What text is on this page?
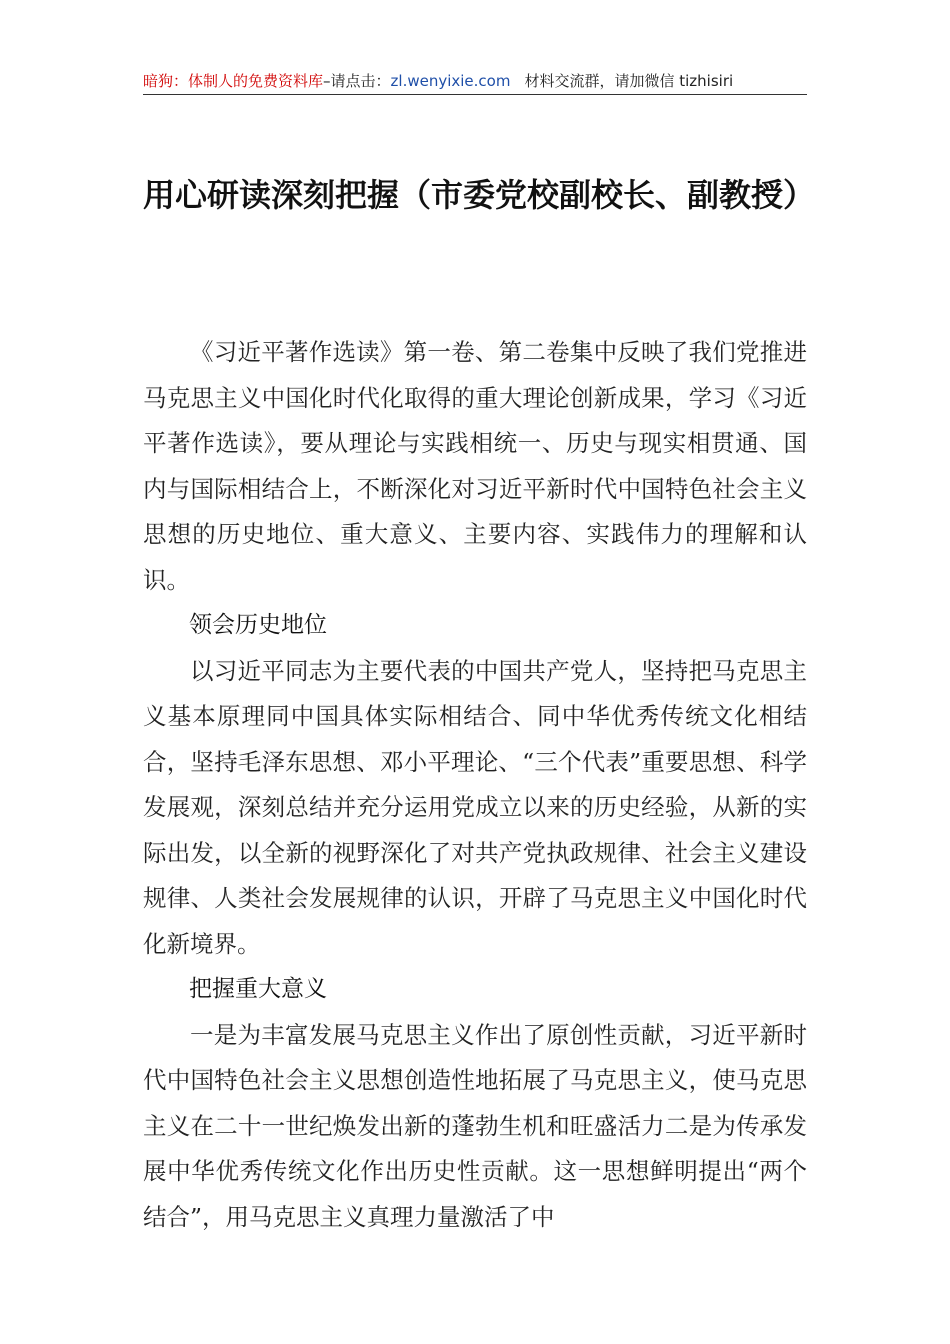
暗狗：体制人的免费资料库–请点击：zl.wenyixie.com 材料交流群，请加微信 tizhisiri
用心研读深刻把握（市委党校副校长、副教授）

《习近平著作选读》第一卷、第二卷集中反映了我们党推进马克思主义中国化时代化取得的重大理论创新成果，学习《习近平著作选读》，要从理论与实践相统一、历史与现实相贯通、国内与国际相结合上，不断深化对习近平新时代中国特色社会主义思想的历史地位、重大意义、主要内容、实践伟力的理解和认识。

领会历史地位

以习近平同志为主要代表的中国共产党人，坚持把马克思主义基本原理同中国具体实际相结合、同中华优秀传统文化相结合，坚持毛泽东思想、邓小平理论、“三个代表”重要思想、科学发展观，深刻总结并充分运用党成立以来的历史经验，从新的实际出发，以全新的视野深化了对共产党执政规律、社会主义建设规律、人类社会发展规律的认识，开辟了马克思主义中国化时代化新境界。

把握重大意义

一是为丰富发展马克思主义作出了原创性贡献，习近平新时代中国特色社会主义思想创造性地拓展了马克思主义，使马克思主义在二十一世纪焕发出新的蓬勃生机和旺盛活力二是为传承发展中华优秀传统文化作出历史性贡献。这一思想鲜明提出“两个结合”，用马克思主义真理力量激活了中
